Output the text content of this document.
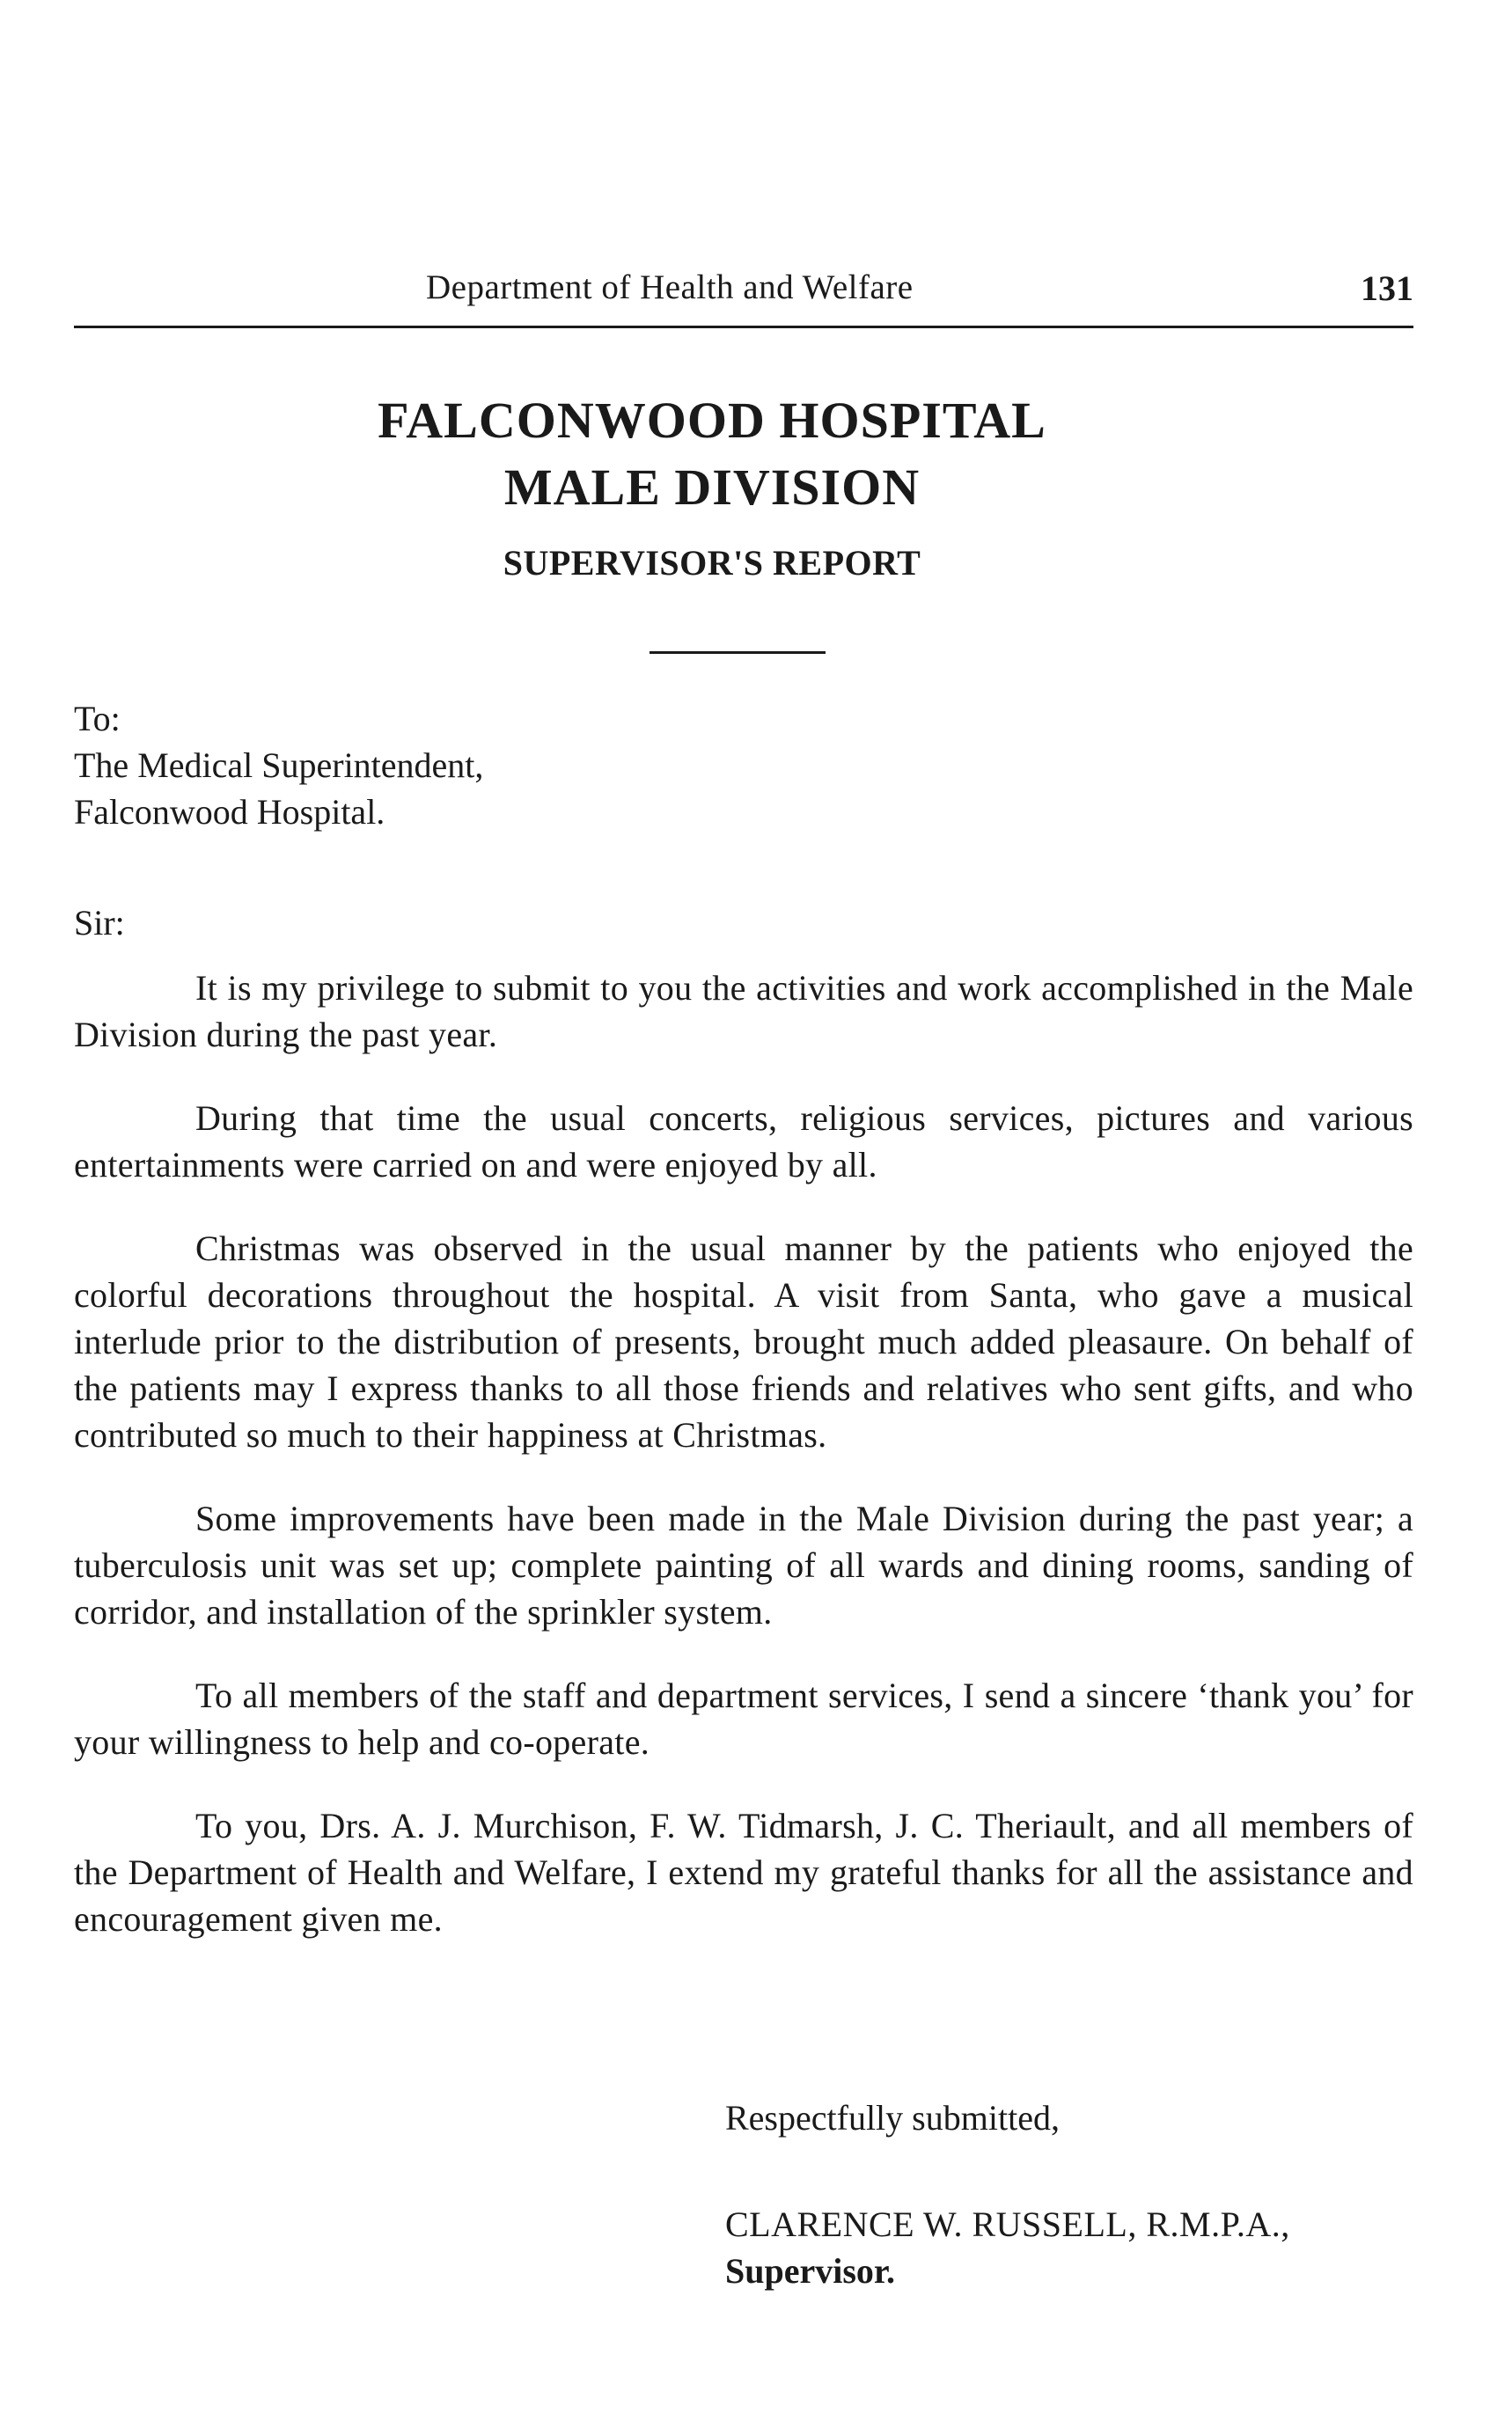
Department of Health and Welfare	131
FALCONWOOD HOSPITAL
MALE DIVISION
SUPERVISOR'S REPORT
To:
The Medical Superintendent,
Falconwood Hospital.
Sir:

It is my privilege to submit to you the activities and work accomplished in the Male Division during the past year.

During that time the usual concerts, religious services, pictures and various entertainments were carried on and were enjoyed by all.

Christmas was observed in the usual manner by the patients who enjoyed the colorful decorations throughout the hospital. A visit from Santa, who gave a musical interlude prior to the distribution of presents, brought much added pleasaure. On behalf of the patients may I express thanks to all those friends and relatives who sent gifts, and who contributed so much to their happiness at Christmas.

Some improvements have been made in the Male Division during the past year; a tuberculosis unit was set up; complete painting of all wards and dining rooms, sanding of corridor, and installation of the sprinkler system.

To all members of the staff and department services, I send a sincere ‘thank you’ for your willingness to help and co-operate.

To you, Drs. A. J. Murchison, F. W. Tidmarsh, J. C. Theriault, and all members of the Department of Health and Welfare, I extend my grateful thanks for all the assistance and encouragement given me.

Respectfully submitted,
CLARENCE W. RUSSELL, R.M.P.A.,
Supervisor.
